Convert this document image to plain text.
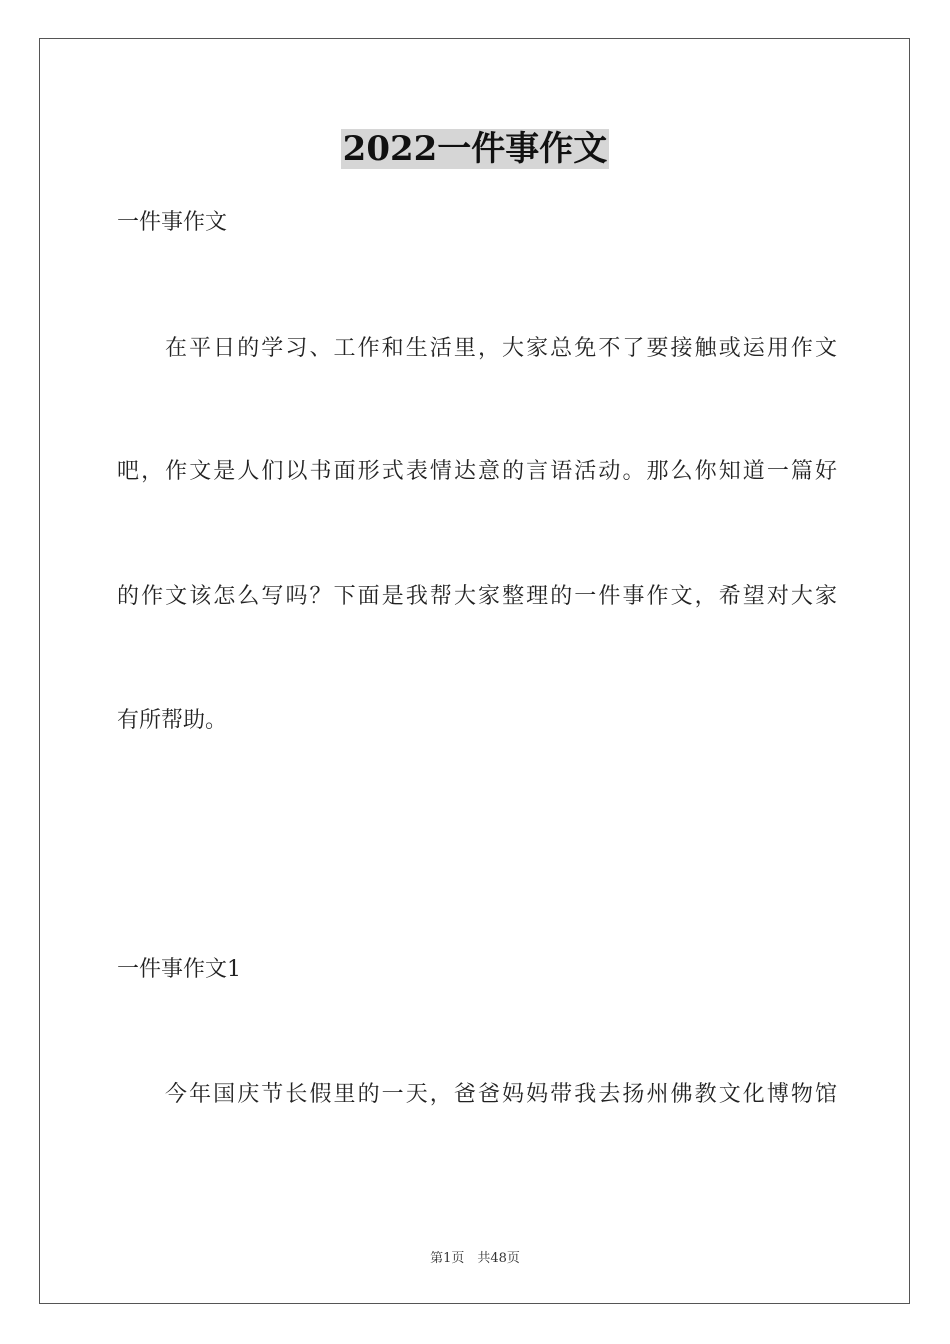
2022一件事作文

一件事作文

在平日的学习、工作和生活里，大家总免不了要接触或运用作文

吧，作文是人们以书面形式表情达意的言语活动。那么你知道一篇好

的作文该怎么写吗？下面是我帮大家整理的一件事作文，希望对大家

有所帮助。

一件事作文1

今年国庆节长假里的一天，爸爸妈妈带我去扬州佛教文化博物馆

第1页　共48页
